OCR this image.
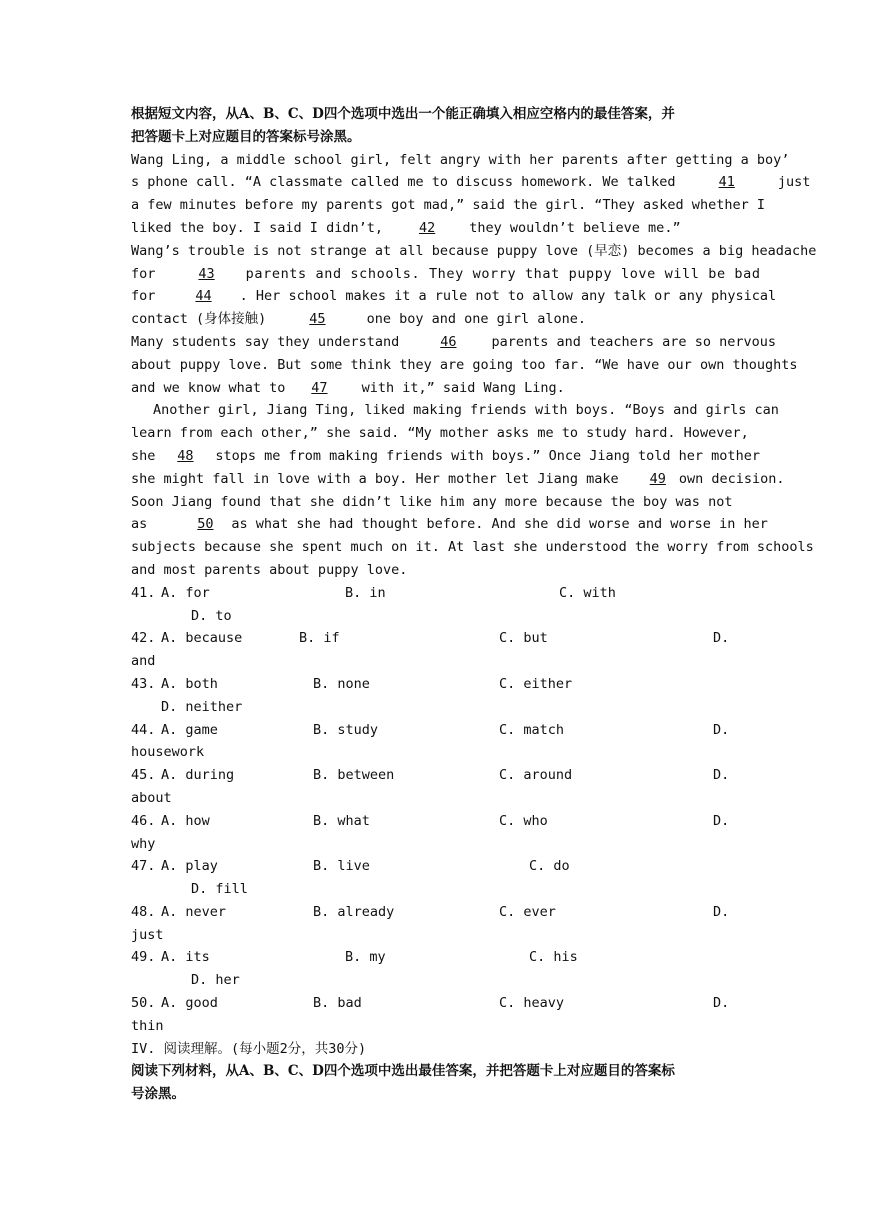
根据短文内容，从A、B、C、D四个选项中选出一个能正确填入相应空格内的最佳答案，并
把答题卡上对应题目的答案标号涂黑。
Wang Ling, a middle school girl, felt angry with her parents after getting a boy’
s phone call. “A classmate called me to discuss homework. We talked	41	just
a few minutes before my parents got mad,” said the girl. “They asked whether I
liked the boy. I said I didn’t,	42	they wouldn’t believe me.”
Wang’s trouble is not strange at all because puppy love (早恋) becomes a big headache
for	43 parents and schools. They worry that puppy love will be bad
for	44 . Her school makes it a rule not to allow any talk or any physical
contact (身体接触)	45	one boy and one girl alone.
Many students say they understand	46	parents and teachers are so nervous
about puppy love. But some think they are going too far. “We have our own thoughts
and we know what to 47	with it,” said Wang Ling.
Another girl, Jiang Ting, liked making friends with boys. “Boys and girls can
learn from each other,” she said. “My mother asks me to study hard. However,
she 48 stops me from making friends with boys.” Once Jiang told her mother
she might fall in love with a boy. Her mother let Jiang make 49 own decision.
Soon Jiang found that she didn’t like him any more because the boy was not
as	50 as what she had thought before. And she did worse and worse in her
subjects because she spent much on it. At last she understood the worry from schools
and most parents about puppy love.
41. A. for	B. in	C. with
D. to
42. A. because	B. if	C. but	D.
and
43. A. both	B. none	C. either
D. neither
44. A. game	B. study	C. match	D.
housework
45. A. during	B. between	C. around	D.
about
46. A. how	B. what	C. who	D.
why
47. A. play	B. live	C. do
D. fill
48. A. never	B. already	C. ever	D.
just
49. A. its	B. my	C. his
D. her
50. A. good	B. bad	C. heavy	D.
thin
IV. 阅读理解。(每小题2分，共30分)
阅读下列材料，从A、B、C、D四个选项中选出最佳答案，并把答题卡上对应题目的答案标
号涂黑。
